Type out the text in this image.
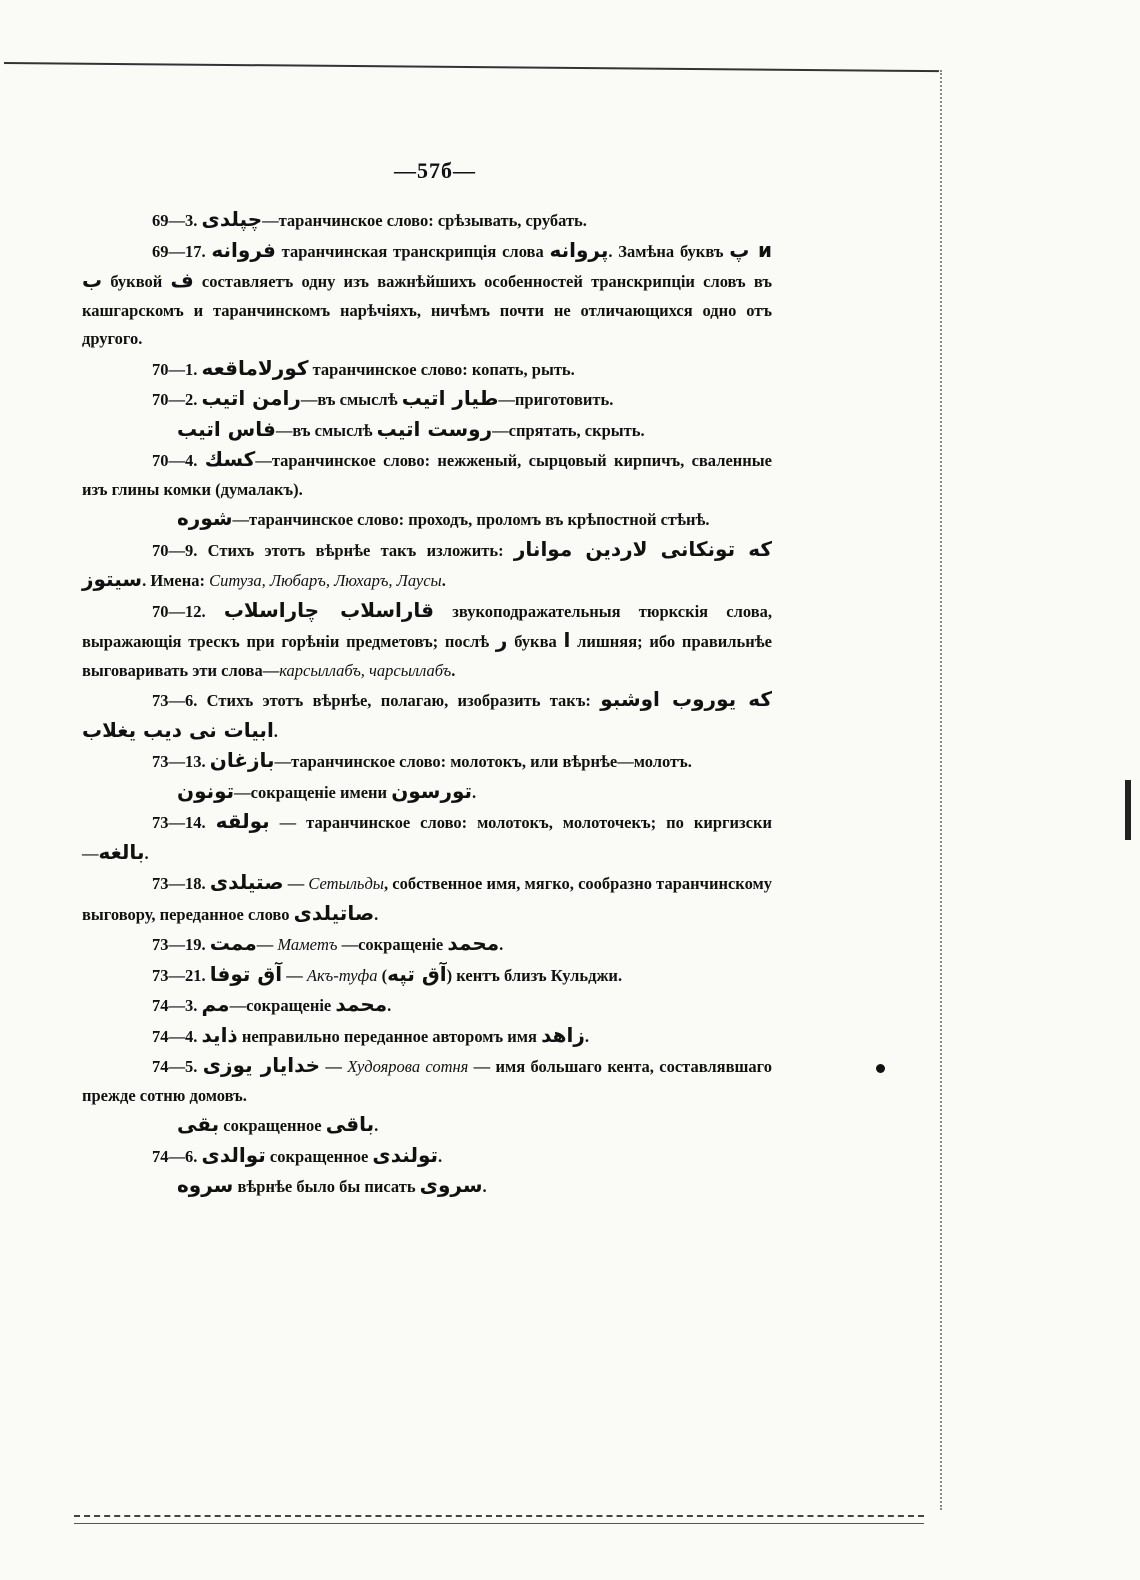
—57б—

69—3. چپلدى—таранчинское слово: срѣзывать, срубать.

69—17. فروانه таранчинская транскрипція слова پروانه. Замѣна буквъ پ и ب буквой ف составляетъ одну изъ важнѣйшихъ особенностей транскрипціи словъ въ кашгарскомъ и таранчинскомъ нарѣчіяхъ, ничѣмъ почти не отличающихся одно отъ другого.

70—1. كورلاماقعه таранчинское слово: копать, рыть.

70—2. رامن اتيب—въ смыслѣ طيار اتيب—приготовить.

فاس اتيب—въ смыслѣ روست اتيب—спрятать, скрыть.

70—4. كسك—таранчинское слово: нежженый, сырцовый кирпичъ, сваленные изъ глины комки (думалакъ).

شوره—таранчинское слово: проходъ, проломъ въ крѣпостной стѣнѣ.

70—9. Стихъ этотъ вѣрнѣе такъ изложить: كه تونكانى لاردين موانار سيتوز. Имена: Ситуза, Любаръ, Люхаръ, Лаусы.

70—12. قاراسلاب چاراسلاب звукоподражательныя тюркскія слова, выражающія трескъ при горѣніи предметовъ; послѣ ر буква ا лишняя; ибо правильнѣе выговаривать эти слова—карсыллабъ, чарсыллабъ.

73—6. Стихъ этотъ вѣрнѣе, полагаю, изобразить такъ: كه يوروب اوشبو ابيات نى ديب يغلاب.

73—13. بازغان—таранчинское слово: молотокъ, или вѣрнѣе—молотъ.

تونون—сокращеніе имени تورسون.

73—14. بولقه — таранчинское слово: молотокъ, молоточекъ; по киргизски—بالغه.

73—18. صتيلدى — Сетыльды, собственное имя, мягко, сообразно таранчинскому выговору, переданное слово صاتيلدى.

73—19. ممت— Мамеmъ —сокращеніе محمد.

73—21. آق توفا — Акъ-туфа (آق تپه) кентъ близъ Кульджи.

74—3. مم—сокращеніе محمد.

74—4. ذايد неправильно переданное авторомъ имя زاهد.

74—5. خدايار يوزى — Худоярова сотня — имя большаго кента, составлявшаго прежде сотню домовъ.

بقى сокращенное باقى.

74—6. توالدى сокращенное تولندى.

سروه вѣрнѣе было бы писать سروى.
